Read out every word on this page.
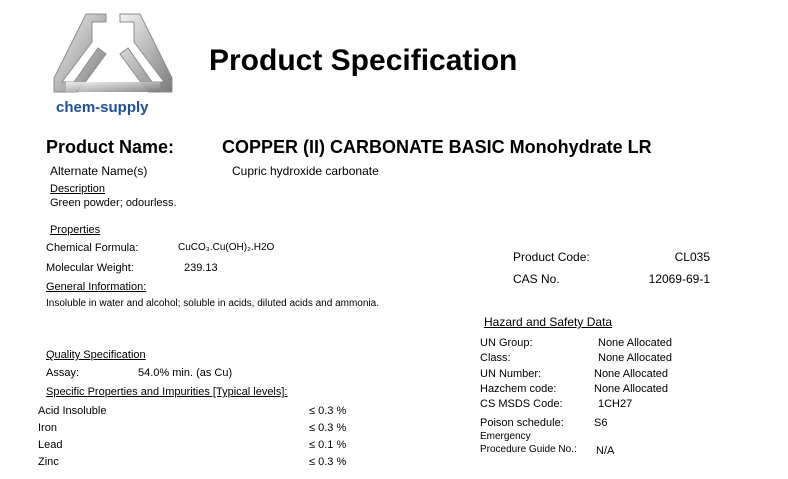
chem-supply
Product Specification
Product Name:	COPPER (II) CARBONATE BASIC Monohydrate LR
Alternate Name(s)	Cupric hydroxide carbonate
Description
Green powder; odourless.
Properties
Chemical Formula:	CuCO₃.Cu(OH)₂.H2O
Molecular Weight:	239.13
Product Code:	CL035
CAS No.	12069-69-1
General Information:
Insoluble in water and alcohol; soluble in acids, diluted acids and ammonia.
Quality Specification
Assay:	54.0% min. (as Cu)
Specific Properties and Impurities [Typical levels]:
Acid Insoluble	≤ 0.3 %
Iron	≤ 0.3 %
Lead	≤ 0.1 %
Zinc	≤ 0.3 %
Hazard and Safety Data
UN Group:	None Allocated
Class:	None Allocated
UN Number:	None Allocated
Hazchem code:	None Allocated
CS MSDS Code:	1CH27
Poison schedule:	S6
Emergency
Procedure Guide No.: N/A
